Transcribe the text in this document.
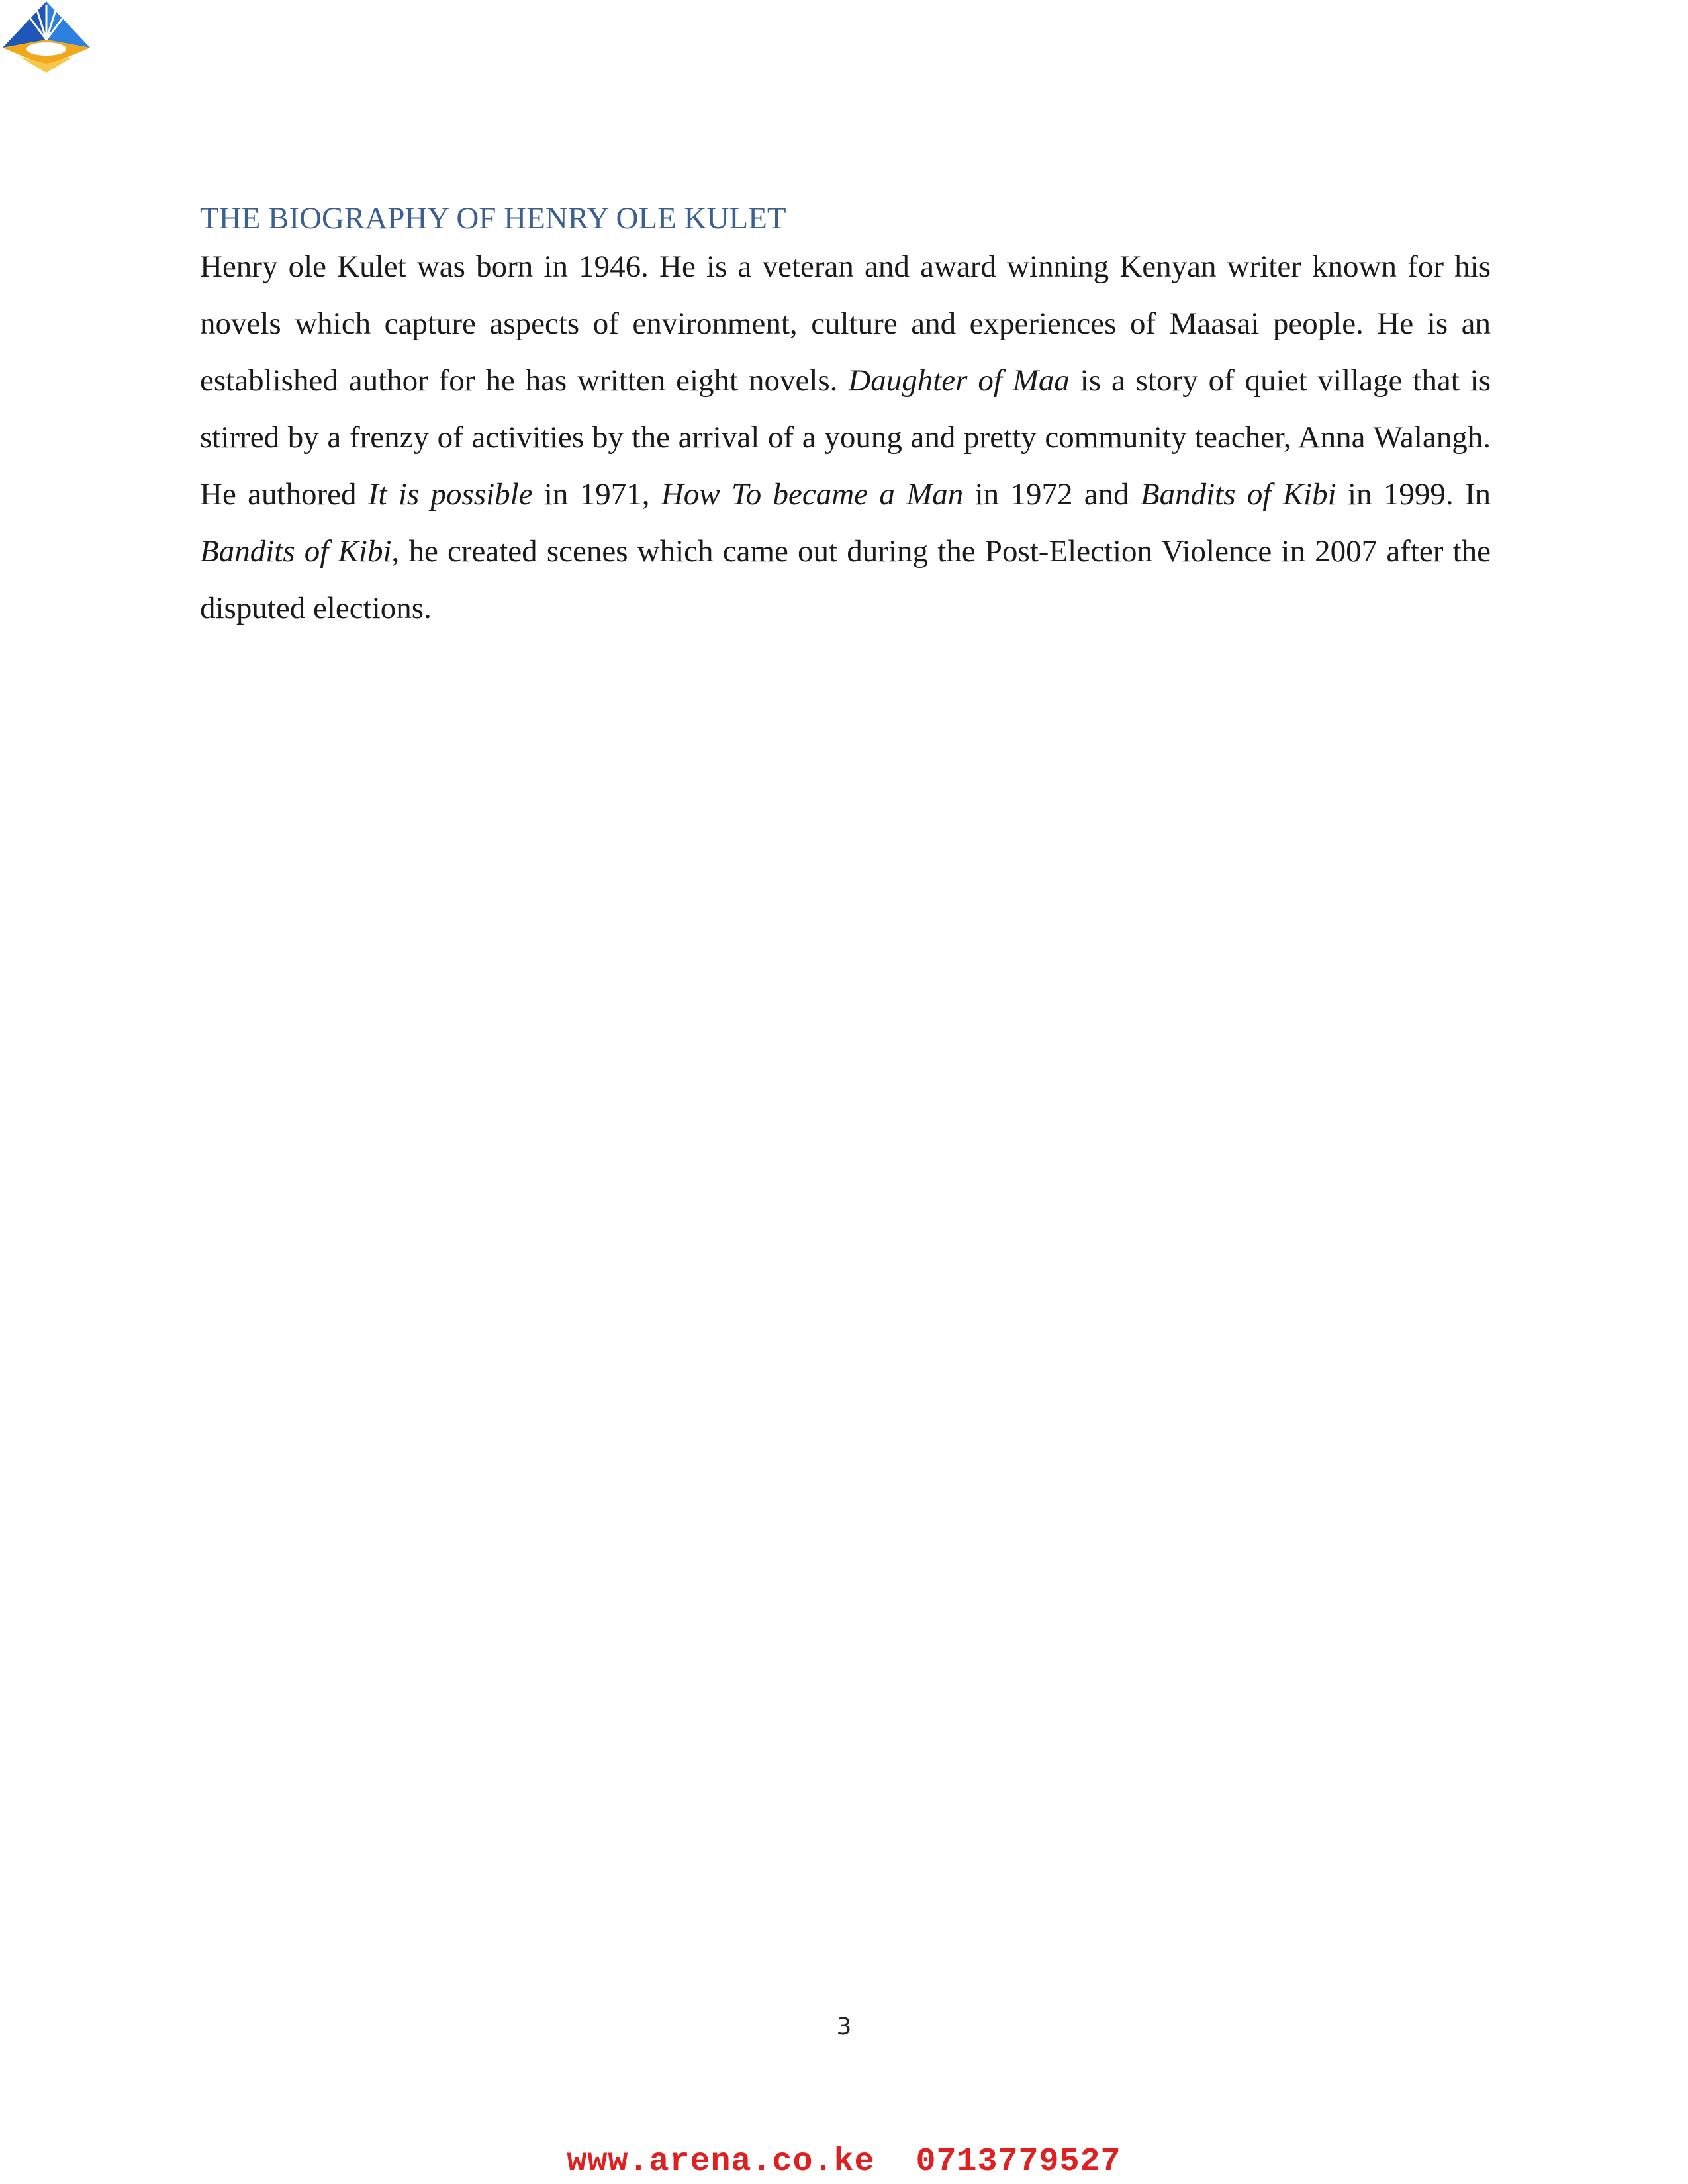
THE BIOGRAPHY OF HENRY OLE KULET

Henry ole Kulet was born in 1946. He is a veteran and award winning Kenyan writer known for his novels which capture aspects of environment, culture and experiences of Maasai people. He is an established author for he has written eight novels. Daughter of Maa is a story of quiet village that is stirred by a frenzy of activities by the arrival of a young and pretty community teacher, Anna Walangh. He authored It is possible in 1971, How To became a Man in 1972 and Bandits of Kibi in 1999. In Bandits of Kibi, he created scenes which came out during the Post-Election Violence in 2007 after the disputed elections.

3
www.arena.co.ke  0713779527
